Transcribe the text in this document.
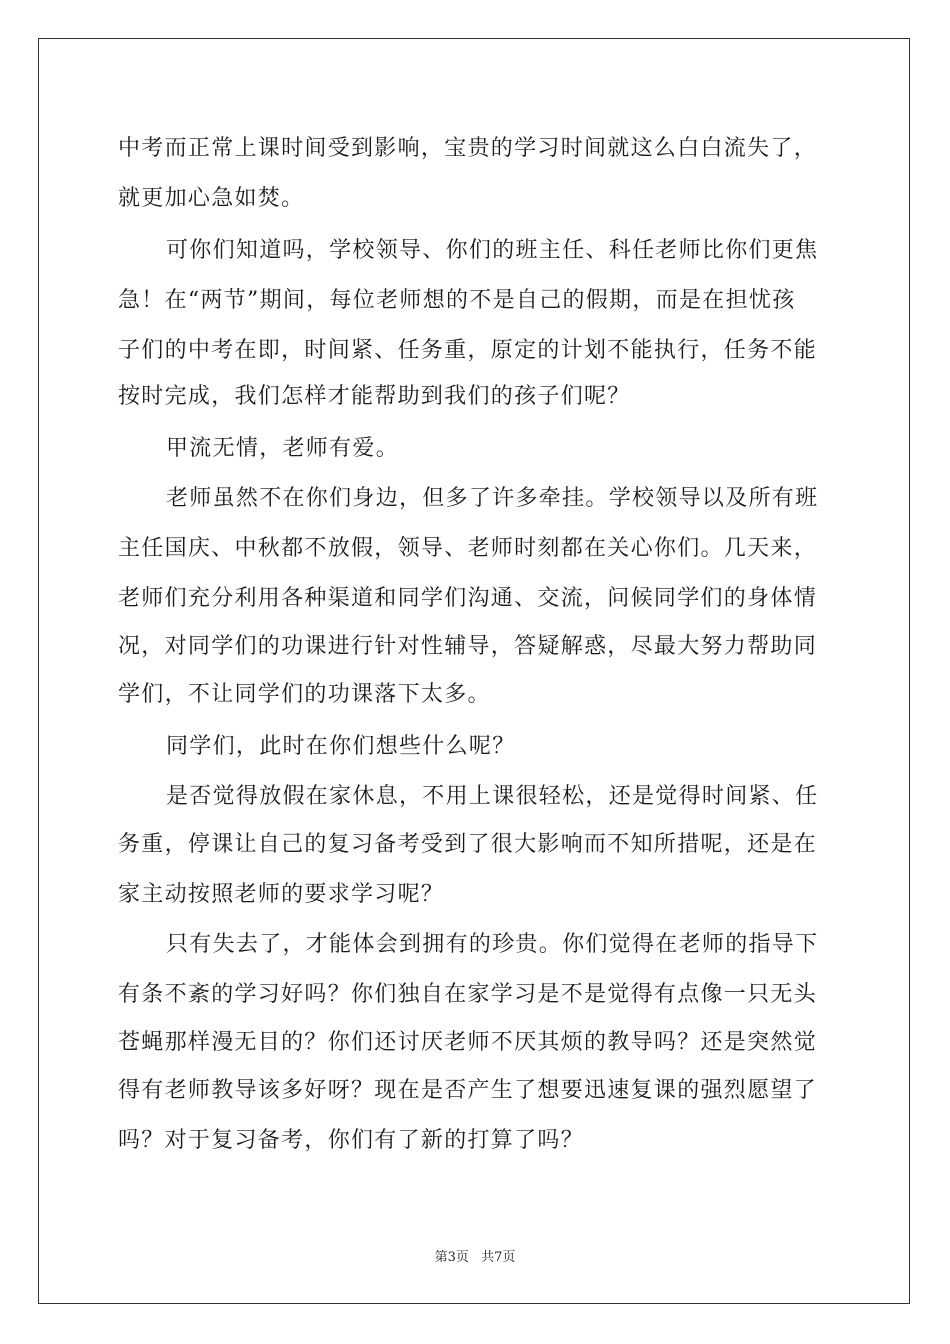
中考而正常上课时间受到影响，宝贵的学习时间就这么白白流失了，
就更加心急如焚。
可你们知道吗，学校领导、你们的班主任、科任老师比你们更焦
急！在“两节”期间，每位老师想的不是自己的假期，而是在担忧孩
子们的中考在即，时间紧、任务重，原定的计划不能执行，任务不能
按时完成，我们怎样才能帮助到我们的孩子们呢？
甲流无情，老师有爱。
老师虽然不在你们身边，但多了许多牵挂。学校领导以及所有班
主任国庆、中秋都不放假，领导、老师时刻都在关心你们。几天来，
老师们充分利用各种渠道和同学们沟通、交流，问候同学们的身体情
况，对同学们的功课进行针对性辅导，答疑解惑，尽最大努力帮助同
学们，不让同学们的功课落下太多。
同学们，此时在你们想些什么呢？
是否觉得放假在家休息，不用上课很轻松，还是觉得时间紧、任
务重，停课让自己的复习备考受到了很大影响而不知所措呢，还是在
家主动按照老师的要求学习呢？
只有失去了，才能体会到拥有的珍贵。你们觉得在老师的指导下
有条不紊的学习好吗？你们独自在家学习是不是觉得有点像一只无头
苍蝇那样漫无目的？你们还讨厌老师不厌其烦的教导吗？还是突然觉
得有老师教导该多好呀？现在是否产生了想要迅速复课的强烈愿望了
吗？对于复习备考，你们有了新的打算了吗？
第3页 共7页
